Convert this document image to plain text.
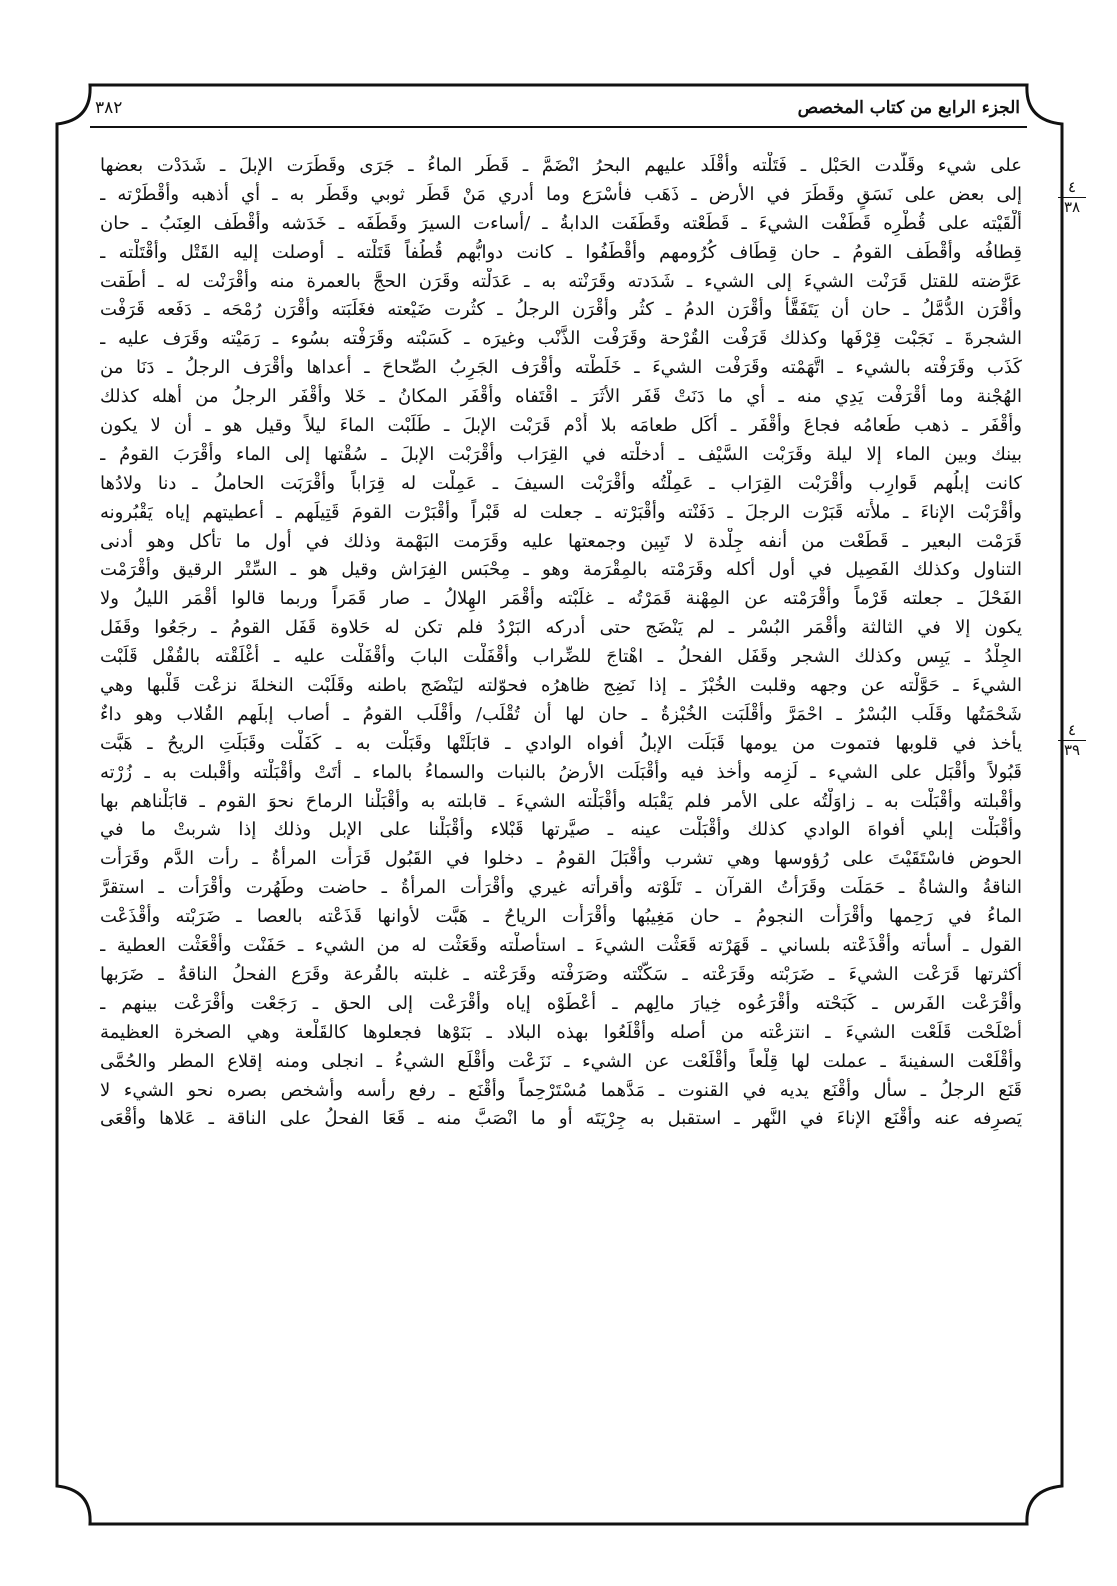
٣٨٢	الجزء الرابع من كتاب المخصص
٤
٣٨
٤
٣٩
على شيء وقَلَّدت الحَبْل ـ فَتَلْته وأقْلَد عليهم البحرُ انْضَمَّ ـ قَطَر الماءُ ـ جَرَى وقَطَرَت الإبلَ ـ شَدَدْت بعضها
إلى بعض على نَسَقٍ وقَطَرَ في الأرض ـ ذَهَب فأسْرَع وما أدري مَنْ قَطَر ثوبي وقَطَر به ـ أي أذهبه وأقْطَرْته ـ
ألْقَيْته على قُطْرِه قَطَفْت الشيءَ ـ قَطَعْته وقَطَفَت الدابةُ ـ /أساءت السيرَ وقَطَفَه ـ خَدَشه وأقْطَف العِنَبُ ـ حان
قِطافُه وأقْطَف القومُ ـ حان قِطَاف كُرُومهم وأقْطَفُوا ـ كانت دوابُّهم قُطُفاً قَتَلْته ـ أوصلت إليه القَتْل وأقْتَلْته ـ
عَرَّضته للقتل قَرَنْت الشيءَ إلى الشيء ـ شَدَدته وقَرَنْته به ـ عَدَلْته وقَرَن الحجَّ بالعمرة منه وأقْرَنْت له ـ أطَقت
وأقْرَن الدُّمَّلُ ـ حان أن يَتَفَقَّأ وأقْرَن الدمُ ـ كثُر وأقْرَن الرجلُ ـ كثُرت ضَيْعته فغَلَبَته وأقْرَن رُمْحَه ـ دَفَعه قَرَفْت
الشجرةَ ـ نَجَبْت قِرْفَها وكذلك قَرَفْت القُرْحة وقَرَفْت الذَّنْب وغيرَه ـ كَسَبْته وقَرَفْته بسُوء ـ رَمَيْته وقَرَف عليه ـ
كَذَب وقَرَفْته بالشيء ـ اتَّهَمْته وقَرَفْت الشيءَ ـ خَلَطْته وأقْرَف الجَرِبُ الصِّحاحَ ـ أعداها وأقْرَف الرجلُ ـ دَنَا من
الهُجْنة وما أقْرَفْت يَدِي منه ـ أي ما دَنَتْ قَفَر الأثَرَ ـ اقْتَفاه وأقْفَر المكانُ ـ خَلا وأقْفَر الرجلُ من أهله كذلك
وأقْفَر ـ ذهب طَعامُه فجاعَ وأقْفَر ـ أكَل طعامَه بلا أُدْم قَرَبْت الإبلَ ـ طَلَبْت الماءَ ليلاً وقيل هو ـ أن لا يكون
بينك وبين الماء إلا ليلة وقَرَبْت السَّيْف ـ أدخلْته في القِرَاب وأقْرَبْت الإبلَ ـ سُقْتها إلى الماء وأقْرَبَ القومُ ـ
كانت إبلُهم قَوارِب وأقْرَبْت القِرَاب ـ عَمِلْتُه وأقْرَبْت السيفَ ـ عَمِلْت له قِرَاباً وأقْرَبَت الحاملُ ـ دنا ولادُها
وأقْرَبْت الإناءَ ـ ملأْته قَبَرْت الرجلَ ـ دَفَنْته وأقْبَرْته ـ جعلت له قَبْراً وأقْبَرْت القومَ قَتِيلَهم ـ أعطيتهم إياه يَقْبُرونه
قَرَمْت البعير ـ قَطَعْت من أنفه جِلْدة لا تَبِين وجمعتها عليه وقَرَمت البَهْمة وذلك في أول ما تأكل وهو أدنى
التناول وكذلك الفَصِيل في أول أكله وقَرَمْته بالمِقْرَمة وهو ـ مِحْبَس الفِرَاش وقيل هو ـ السِّتْر الرقيق وأقْرَمْت
الفَحْلَ ـ جعلته قَرْماً وأقْرَمْته عن المِهْنة قَمَرْتُه ـ غلَبْته وأقْمَر الهِلالُ ـ صار قَمَراً وربما قالوا أقْمَر الليلُ ولا
يكون إلا في الثالثة وأقْمَر البُسْر ـ لم يَنْضَج حتى أدركه البَرْدُ فلم تكن له حَلاوة قَفَل القومُ ـ رجَعُوا وقَفَل
الجِلْدُ ـ يَبِس وكذلك الشجر وقَفَل الفحلُ ـ اهْتاجَ للضِّراب وأقْفَلْت البابَ وأقْفَلْت عليه ـ أغْلَقْته بالقُفْل قَلَبْت
الشيءَ ـ حَوَّلْته عن وجهه وقلبت الخُبْزَ ـ إذا نَضِج ظاهرُه فحوّلته ليَنْضَج باطنه وقَلَبْت النخلةَ نزعْت قَلْبها وهي
شَحْمَتُها وقَلَب البُسْرُ ـ احْمَرَّ وأقْلَبَت الخُبْزةُ ـ حان لها أن تُقْلَب/ وأقْلَب القومُ ـ أصاب إبلَهم القُلاب وهو داءٌ
يأخذ في قلوبها فتموت من يومها قَبَلَت الإبلُ أفواه الوادي ـ قابَلَتْها وقَبَلْت به ـ كَفَلْت وقَبَلَتِ الريحُ ـ هَبَّت
قَبُولاً وأقْبَل على الشيء ـ لَزِمه وأخذ فيه وأقْبَلَت الأرضُ بالنبات والسماءُ بالماء ـ أتَتْ وأقْبَلْته وأقْبلت به ـ زُرْته
وأقْبلته وأقْبَلْت به ـ زاوَلْتُه على الأمر فلم يَقْبَله وأقْبَلْته الشيءَ ـ قابلته به وأقْبَلْنا الرماحَ نحوَ القوم ـ قابَلْناهم بها
وأقْبَلْت إبلي أفواهَ الوادي كذلك وأقْبَلْت عينه ـ صيَّرتها قَبْلاء وأقْبَلْنا على الإبل وذلك إذا شربتْ ما في
الحوض فاسْتَقَيْتَ على رُؤوسها وهي تشرب وأقْبَلَ القومُ ـ دخلوا في القَبُول قَرَأَت المرأةُ ـ رأت الدَّم وقَرَأَت
الناقةُ والشاةُ ـ حَمَلَت وقَرَأْتُ القرآن ـ تَلَوْته وأقرأْته غيري وأقْرَأَت المرأةُ ـ حاضت وطَهُرت وأقْرَأْت ـ استقرَّ
الماءُ في رَحِمها وأقْرَأَت النجومُ ـ حان مَغِيبُها وأقْرَأَت الرياحُ ـ هَبَّت لأوانها قَذَعْته بالعصا ـ ضَرَبْته وأقْذَعْت
القول ـ أسأْته وأقْذَعْته بلساني ـ قَهَرْته قَعَثْت الشيءَ ـ استأصلْته وقَعَثْت له من الشيء ـ حَفَنْت وأقْعَثْت العطية ـ
أكثرتها قَرَعْت الشيءَ ـ ضَرَبْته وقَرَعْته ـ سَكَّنْته وصَرَفْته وقَرَعْته ـ غلبته بالقُرعة وقَرَع الفحلُ الناقةُ ـ ضَرَبها
وأقْرَعْت الفَرس ـ كَبَحْته وأقْرَعُوه خِيارَ مالِهم ـ أعْطَوْه إياه وأقْرَعْت إلى الحق ـ رَجَعْت وأقْرَعْت بينهم ـ
أصْلَحْت قَلَعْت الشيءَ ـ انتزعْته من أصله وأقْلَعُوا بهذه البلاد ـ بَنَوْها فجعلوها كالقَلْعة وهي الصخرة العظيمة
وأقْلَعْت السفينةَ ـ عملت لها قِلْعاً وأقْلَعْت عن الشيء ـ نَزَعْت وأقْلَع الشيءُ ـ انجلى ومنه إقلاع المطر والحُمَّى
قَنَع الرجلُ ـ سأل وأقْنَع يديه في القنوت ـ مَدَّهما مُسْتَرْحِماً وأقْنَع ـ رفع رأسه وأشخص بصره نحو الشيء لا
يَصرِفه عنه وأقْنَع الإناءَ في النَّهر ـ استقبل به جِرْيَتَه أو ما انْصَبَّ منه ـ قَعَا الفحلُ على الناقة ـ عَلاها وأقْعَى
